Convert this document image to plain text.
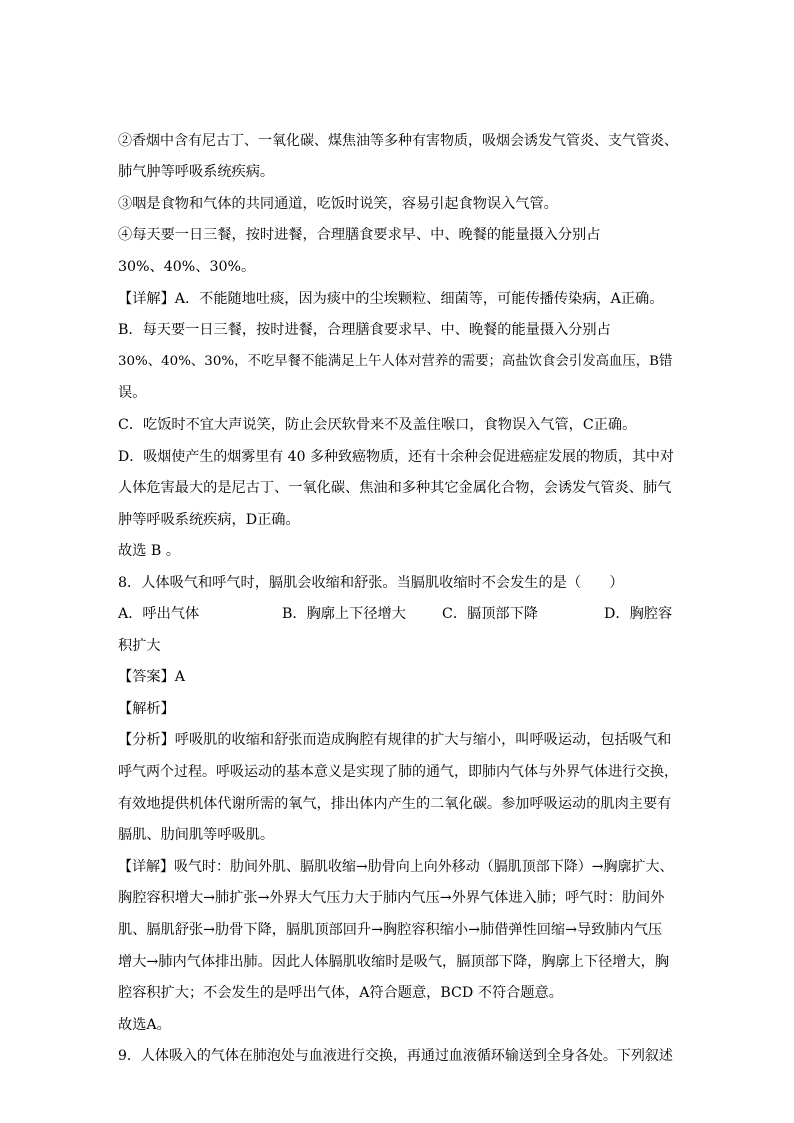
②香烟中含有尼古丁、一氧化碳、煤焦油等多种有害物质，吸烟会诱发气管炎、支气管炎、
肺气肿等呼吸系统疾病。
③咽是食物和气体的共同通道，吃饭时说笑，容易引起食物误入气管。
④每天要一日三餐，按时进餐，合理膳食要求早、中、晚餐的能量摄入分别占
30%、40%、30%。
【详解】A．不能随地吐痰，因为痰中的尘埃颗粒、细菌等，可能传播传染病，A正确。
B．每天要一日三餐，按时进餐，合理膳食要求早、中、晚餐的能量摄入分别占
30%、40%、30%，不吃早餐不能满足上午人体对营养的需要；高盐饮食会引发高血压，B错
误。
C．吃饭时不宜大声说笑，防止会厌软骨来不及盖住喉口，食物误入气管，C正确。
D．吸烟使产生的烟雾里有 40 多种致癌物质，还有十余种会促进癌症发展的物质，其中对
人体危害最大的是尼古丁、一氧化碳、焦油和多种其它金属化合物，会诱发气管炎、肺气
肿等呼吸系统疾病，D正确。
故选 B 。
8．人体吸气和呼气时，膈肌会收缩和舒张。当膈肌收缩时不会发生的是（　　）
A．呼出气体	B．胸廓上下径增大	C．膈顶部下降	D．胸腔容
积扩大
【答案】A
【解析】
【分析】呼吸肌的收缩和舒张而造成胸腔有规律的扩大与缩小，叫呼吸运动，包括吸气和
呼气两个过程。呼吸运动的基本意义是实现了肺的通气，即肺内气体与外界气体进行交换，
有效地提供机体代谢所需的氧气，排出体内产生的二氧化碳。参加呼吸运动的肌肉主要有
膈肌、肋间肌等呼吸肌。
【详解】吸气时：肋间外肌、膈肌收缩→肋骨向上向外移动（膈肌顶部下降）→胸廓扩大、
胸腔容积增大→肺扩张→外界大气压力大于肺内气压→外界气体进入肺；呼气时：肋间外
肌、膈肌舒张→肋骨下降，膈肌顶部回升→胸腔容积缩小→肺借弹性回缩→导致肺内气压
增大→肺内气体排出肺。因此人体膈肌收缩时是吸气，膈顶部下降，胸廓上下径增大，胸
腔容积扩大；不会发生的是呼出气体，A符合题意，BCD 不符合题意。
故选A。
9．人体吸入的气体在肺泡处与血液进行交换，再通过血液循环输送到全身各处。下列叙述
